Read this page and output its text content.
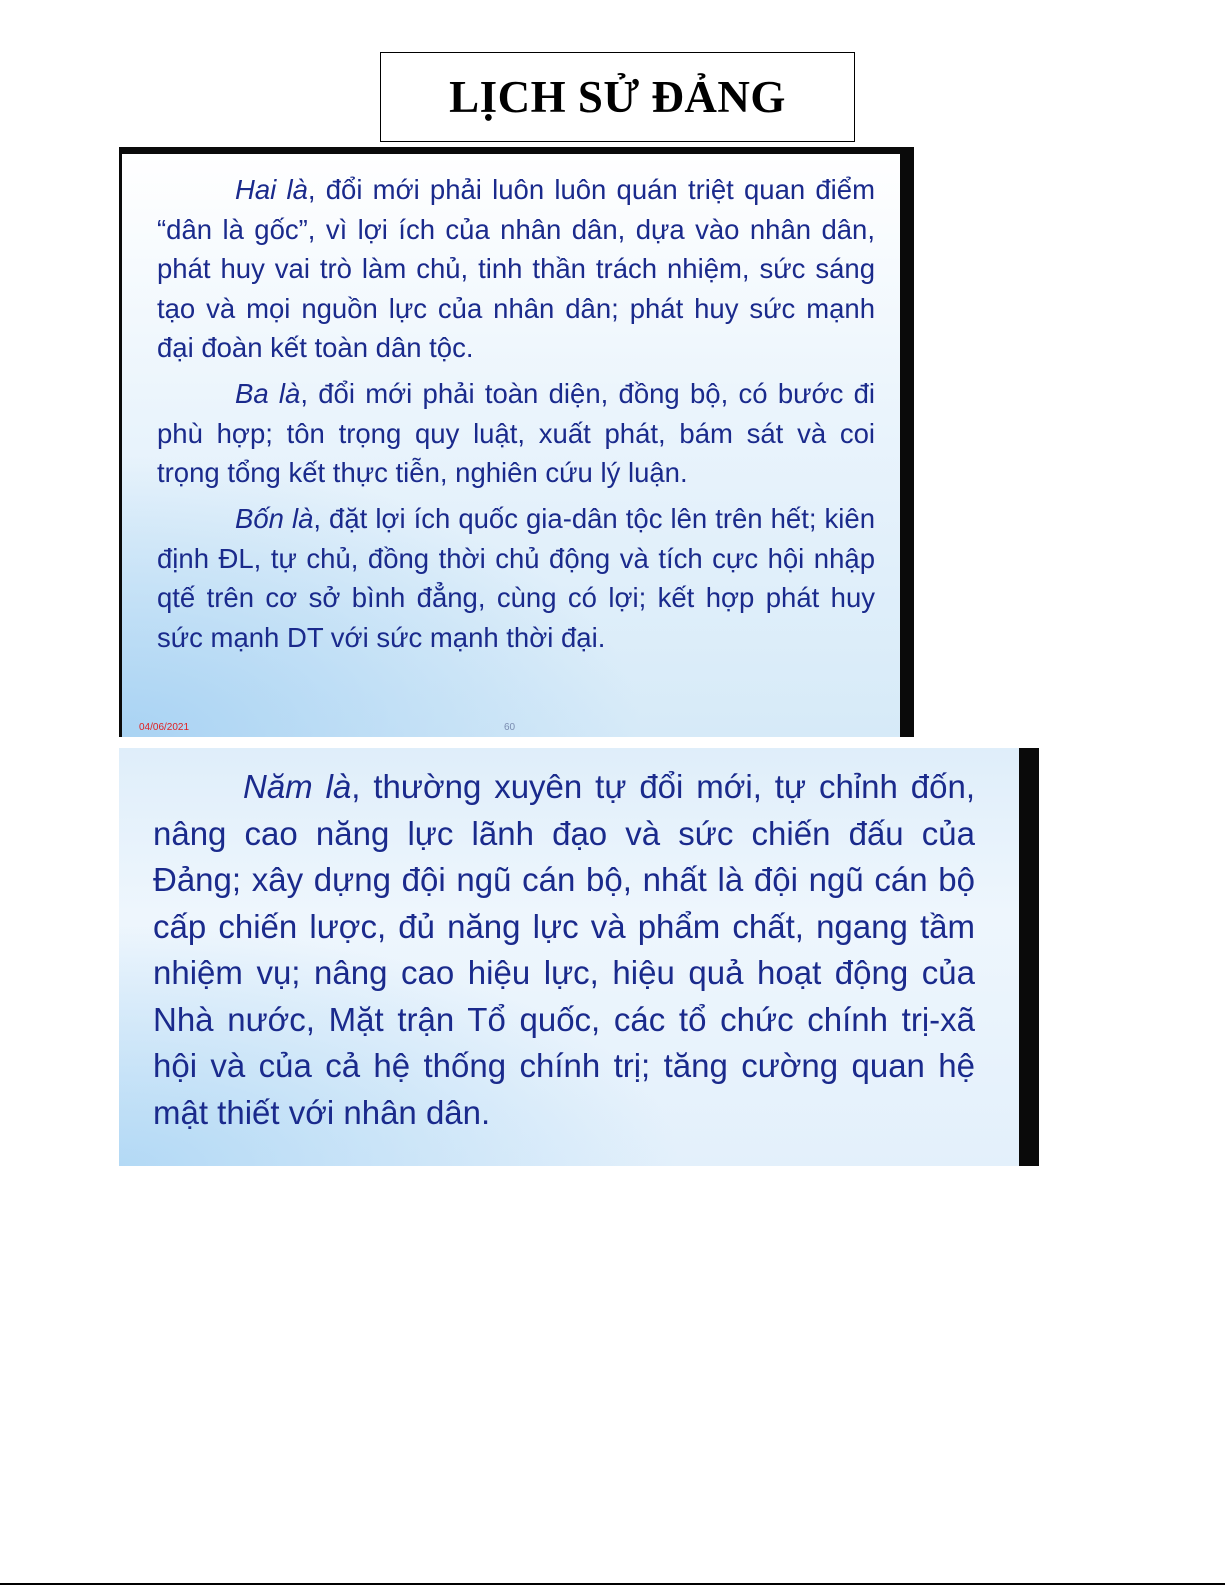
LỊCH SỬ ĐẢNG

Hai là, đổi mới phải luôn luôn quán triệt quan điểm “dân là gốc”, vì lợi ích của nhân dân, dựa vào nhân dân, phát huy vai trò làm chủ, tinh thần trách nhiệm, sức sáng tạo và mọi nguồn lực của nhân dân; phát huy sức mạnh đại đoàn kết toàn dân tộc.

Ba là, đổi mới phải toàn diện, đồng bộ, có bước đi phù hợp; tôn trọng quy luật, xuất phát, bám sát và coi trọng tổng kết thực tiễn, nghiên cứu lý luận.

Bốn là, đặt lợi ích quốc gia-dân tộc lên trên hết; kiên định ĐL, tự chủ, đồng thời chủ động và tích cực hội nhập qtế trên cơ sở bình đẳng, cùng có lợi; kết hợp phát huy sức mạnh DT với sức mạnh thời đại.

04/06/2021	60

Năm là, thường xuyên tự đổi mới, tự chỉnh đốn, nâng cao năng lực lãnh đạo và sức chiến đấu của Đảng; xây dựng đội ngũ cán bộ, nhất là đội ngũ cán bộ cấp chiến lược, đủ năng lực và phẩm chất, ngang tầm nhiệm vụ; nâng cao hiệu lực, hiệu quả hoạt động của Nhà nước, Mặt trận Tổ quốc, các tổ chức chính trị-xã hội và của cả hệ thống chính trị; tăng cường quan hệ mật thiết với nhân dân.
